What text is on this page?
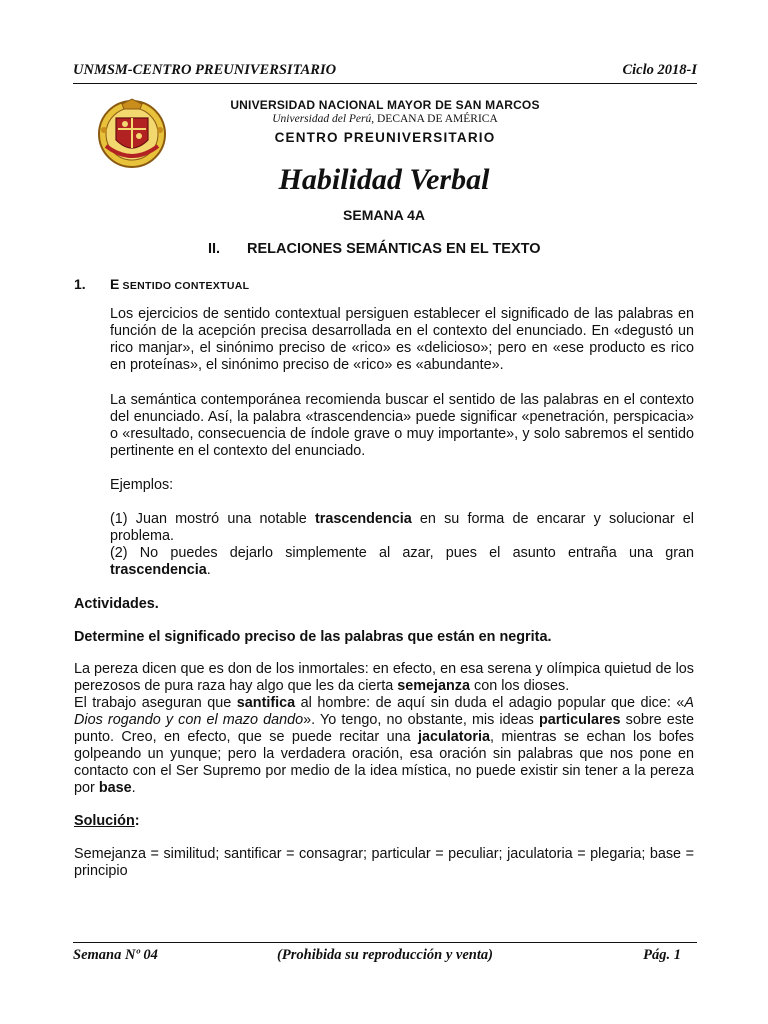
UNMSM-CENTRO PREUNIVERSITARIO	Ciclo 2018-I
UNIVERSIDAD NACIONAL MAYOR DE SAN MARCOS
Universidad del Perú, DECANA DE AMÉRICA
CENTRO PREUNIVERSITARIO
Habilidad Verbal
SEMANA 4A
II. RELACIONES SEMÁNTICAS EN EL TEXTO
1. E SENTIDO CONTEXTUAL
Los ejercicios de sentido contextual persiguen establecer el significado de las palabras en función de la acepción precisa desarrollada en el contexto del enunciado. En «degustó un rico manjar», el sinónimo preciso de «rico» es «delicioso»; pero en «ese producto es rico en proteínas», el sinónimo preciso de «rico» es «abundante».
La semántica contemporánea recomienda buscar el sentido de las palabras en el contexto del enunciado. Así, la palabra «trascendencia» puede significar «penetración, perspicacia» o «resultado, consecuencia de índole grave o muy importante», y solo sabremos el sentido pertinente en el contexto del enunciado.
Ejemplos:
(1) Juan mostró una notable trascendencia en su forma de encarar y solucionar el problema.
(2) No puedes dejarlo simplemente al azar, pues el asunto entraña una gran trascendencia.
Actividades.
Determine el significado preciso de las palabras que están en negrita.
La pereza dicen que es don de los inmortales: en efecto, en esa serena y olímpica quietud de los perezosos de pura raza hay algo que les da cierta semejanza con los dioses.
El trabajo aseguran que santifica al hombre: de aquí sin duda el adagio popular que dice: «A Dios rogando y con el mazo dando». Yo tengo, no obstante, mis ideas particulares sobre este punto. Creo, en efecto, que se puede recitar una jaculatoria, mientras se echan los bofes golpeando un yunque; pero la verdadera oración, esa oración sin palabras que nos pone en contacto con el Ser Supremo por medio de la idea mística, no puede existir sin tener a la pereza por base.
Solución:
Semejanza = similitud; santificar = consagrar; particular = peculiar; jaculatoria = plegaria; base = principio
Semana Nº 04	(Prohibida su reproducción y venta)	Pág. 1
